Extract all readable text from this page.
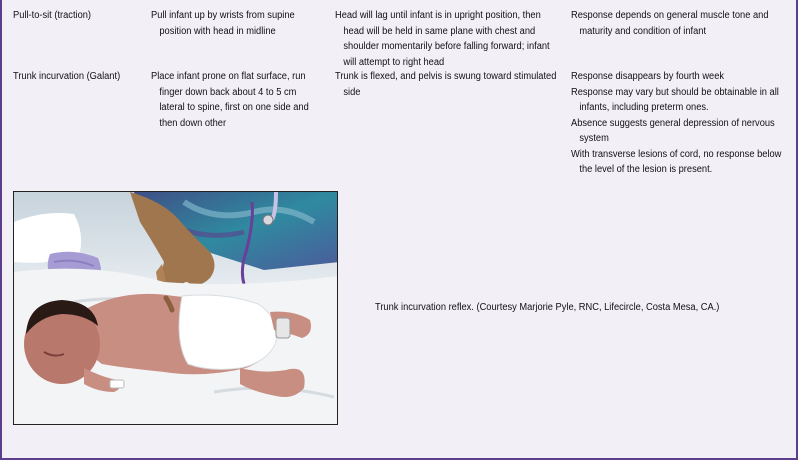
Pull-to-sit (traction)	Pull infant up by wrists from supine position with head in midline

Head will lag until infant is in upright position, then head will be held in same plane with chest and shoulder momentarily before falling forward; infant will attempt to right head

Response depends on general muscle tone and maturity and condition of infant

Trunk incurvation (Galant)	Place infant prone on flat surface, run finger down back about 4 to 5 cm lateral to spine, first on one side and then down other

Trunk is flexed, and pelvis is swung toward stimulated side

Response disappears by fourth week

Response may vary but should be obtainable in all infants, including preterm ones.

Absence suggests general depression of nervous system

With transverse lesions of cord, no response below the level of the lesion is present.

Trunk incurvation reflex. (Courtesy Marjorie Pyle, RNC, Lifecircle, Costa Mesa, CA.)
